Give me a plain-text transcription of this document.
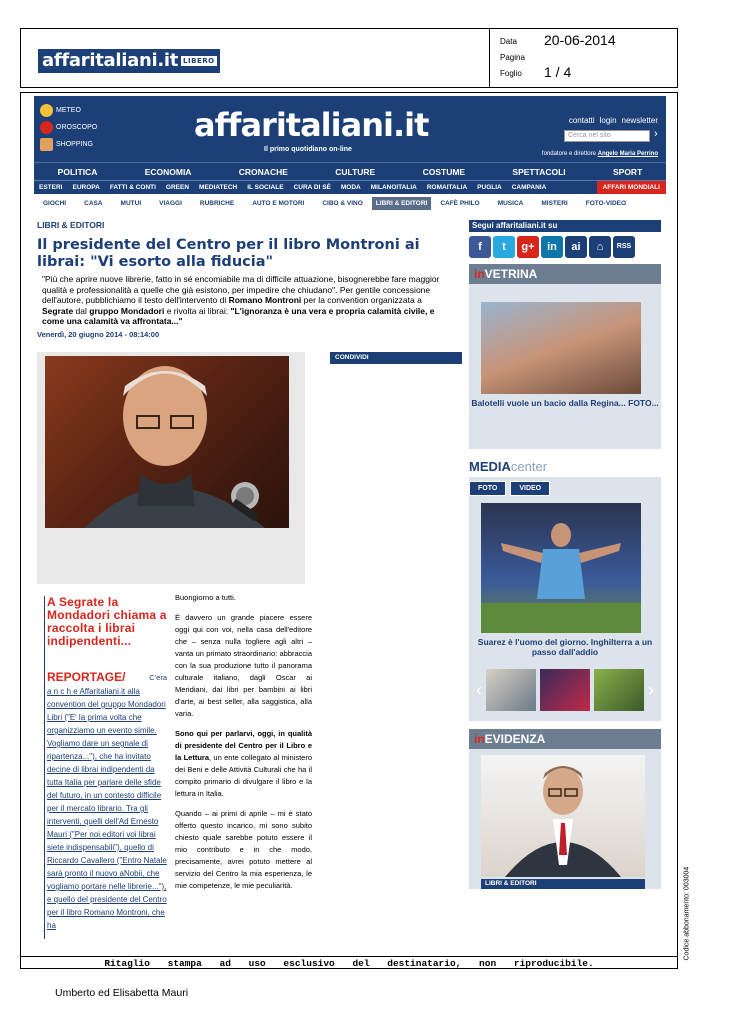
affaritaliani.it LIBERO
Data 20-06-2014
Pagina
Foglio 1 / 4
METEO
OROSCOPO
SHOPPING
affaritaliani.it
Il primo quotidiano on-line
contatti login newsletter
Cerca nel sito	›
fondatore e direttore Angelo Maria Perrino
POLITICA	ECONOMIA	CRONACHE	CULTURE	COSTUME	SPETTACOLI	SPORT
ESTERI	EUROPA	FATTI & CONTI	GREEN	MEDIATECH	IL SOCIALE	CURA DI SÉ	MODA	MILANOITALIA	ROMAITALIA	PUGLIA	CAMPANIA	AFFARI MONDIALI
GIOCHI	CASA	MUTUI	VIAGGI	RUBRICHE	AUTO E MOTORI	CIBO & VINO	LIBRI & EDITORI	CAFÈ PHILO	MUSICA	MISTERI	FOTO-VIDEO
LIBRI & EDITORI
Il presidente del Centro per il libro Montroni ai librai: "Vi esorto alla fiducia"
"Più che aprire nuove librerie, fatto in sé encomiabile ma di difficile attuazione, bisognerebbe fare maggior qualità e professionalità a quelle che già esistono, per impedire che chiudano". Per gentile concessione dell'autore, pubblichiamo il testo dell'intervento di Romano Montroni per la convention organizzata a Segrate dal gruppo Mondadori e rivolta ai librai: "L'ignoranza è una vera e propria calamità civile, e come una calamità va affrontata..."
Venerdì, 20 giugno 2014 - 08:14:00
CONDIVIDI
A Segrate la Mondadori chiama a raccolta i librai indipendenti...
REPORTAGE/	C'era
a n c h e Affaritaliani.it alla convention del gruppo Mondadori Libri ("E' la prima volta che organizziamo un evento simile. Vogliamo dare un segnale di ripartenza..."), che ha invitato decine di librai indipendenti da tutta Italia per parlare delle sfide del futuro, in un contesto difficile per il mercato librario. Tra gli interventi, quelli dell'Ad Ernesto Mauri ("Per noi editori voi librai siete indispensabili"), quello di Riccardo Cavallero ("Entro Natale sarà pronto il nuovo aNobii, che vogliamo portare nelle librerie..."), e quello del presidente del Centro per il libro Romano Montroni, che ha

Buongiorno a tutti.

È davvero un grande piacere essere oggi qui con voi, nella casa dell'editore che – senza nulla togliere agli altri – vanta un primato straordinario: abbraccia con la sua produzione tutto il panorama culturale italiano, dagli Oscar ai Meridiani, dai libri per bambini ai libri d'arte, ai best seller, alla saggistica, alla varia.

Sono qui per parlarvi, oggi, in qualità di presidente del Centro per il Libro e la Lettura, un ente collegato al ministero dei Beni e delle Attività Culturali che ha il compito primario di divulgare il libro e la lettura in Italia.

Quando – ai primi di aprile – mi è stato offerto questo incarico, mi sono subito chiesto quale sarebbe potuto essere il mio contributo e in che modo, precisamente, avrei potuto mettere al servizio del Centro la mia esperienza, le mie competenze, le mie peculiarità.

Segui affaritaliani.it su
f	t	g+	in	ai	⌂	RSS
inVETRINA
Balotelli vuole un bacio dalla Regina... FOTO...
MEDIAcenter
FOTO	VIDEO
Suarez è l'uomo del giorno. Inghilterra a un passo dall'addio
‹	›
inEVIDENZA
LIBRI & EDITORI	Codice abbonamento: 003004
Ritaglio stampa ad uso esclusivo del destinatario, non riproducibile.
Umberto ed Elisabetta Mauri
